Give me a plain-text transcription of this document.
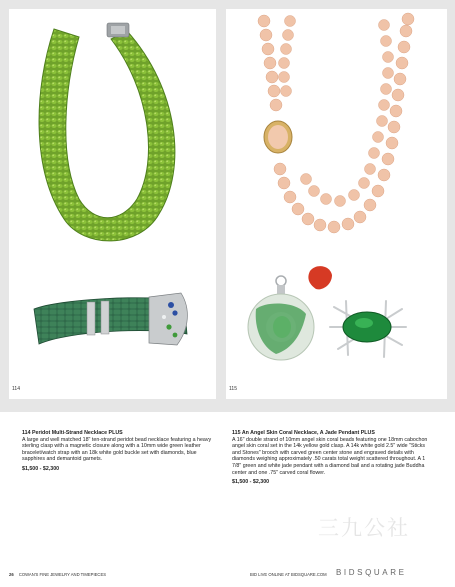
114	115
114 Peridot Multi-Strand Necklace PLUS
A large and well matched 18" ten-strand peridot bead necklace featuring a heavy sterling clasp with a magnetic closure along with a 10mm wide green leather bracelet/watch strap with an 18k white gold buckle set with diamonds, blue sapphires and demantoid garnets.
$1,500 - $2,300
115 An Angel Skin Coral Necklace, A Jade Pendant PLUS
A 16" double strand of 10mm angel skin coral beads featuring one 18mm cabochon angel skin coral set in the 14k yellow gold clasp. A 14k white gold 2.5" wide "Sticks and Stones" brooch with carved green center stone and engraved details with diamonds weighing approximately .50 carats total weight scattered throughout. A 1 7/8" green and white jade pendant with a diamond bail and a rotating jade Buddha center and one .75" carved coral flower.
$1,500 - $2,300
三九公社
26 COWAN'S FINE JEWELRY AND TIMEPIECES	BID LIVE ONLINE AT BIDSQUARE.COM BIDSQUARE
